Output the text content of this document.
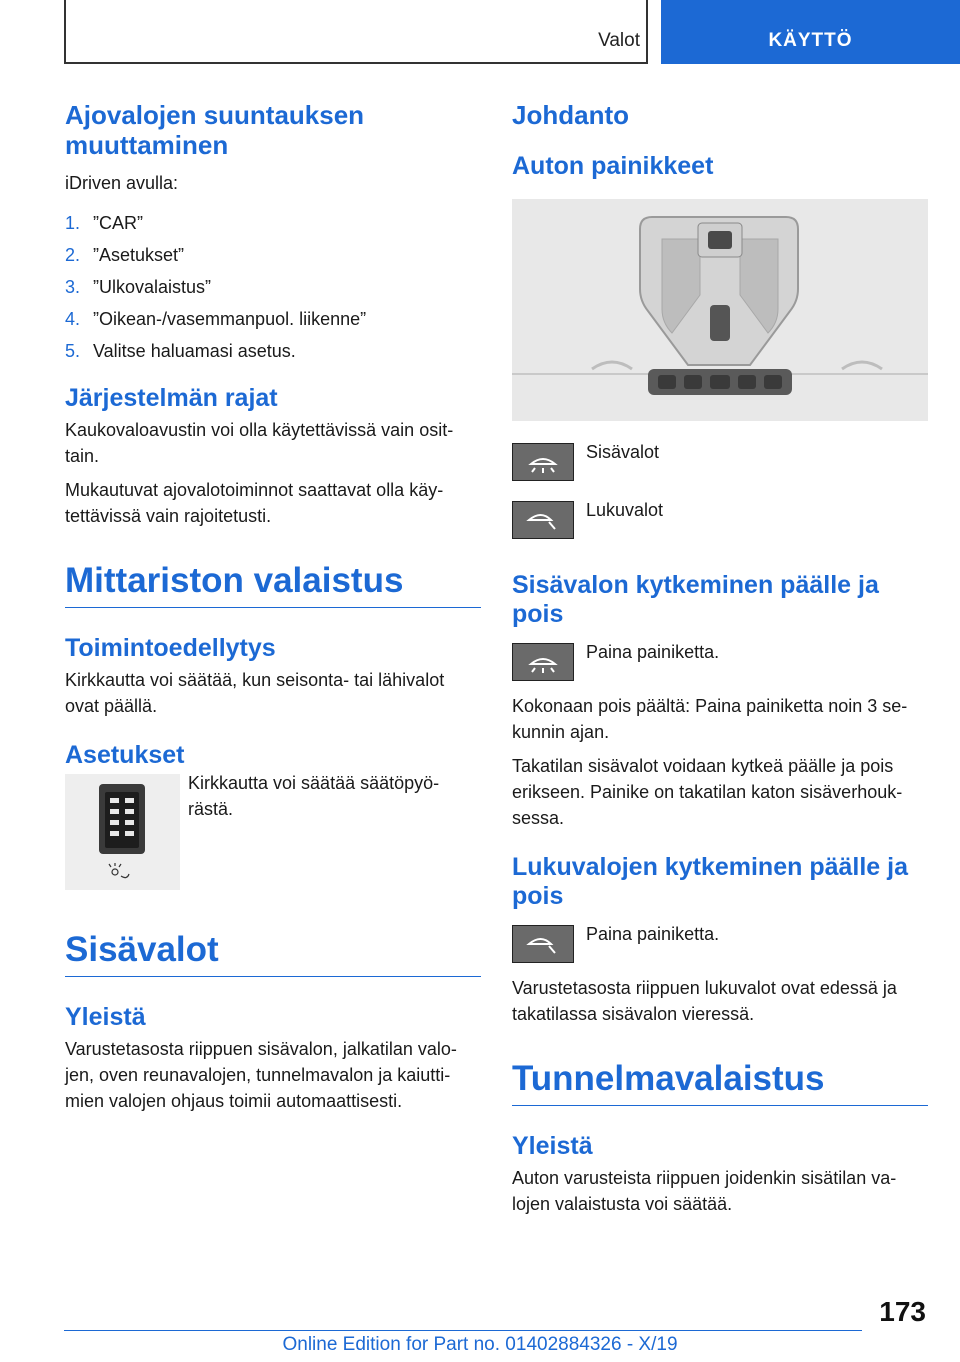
Valot	KÄYTTÖ
Ajovalojen suuntauksen muuttaminen

iDriven avulla:

1. ”CAR”
2. ”Asetukset”
3. ”Ulkovalaistus”
4. ”Oikean-/vasemmanpuol. liikenne”
5. Valitse haluamasi asetus.
Järjestelmän rajat

Kaukovaloavustin voi olla käytettävissä vain osit-tain.

Mukautuvat ajovalotoiminnot saattavat olla käy-tettävissä vain rajoitetusti.

Mittariston valaistus
Toimintoedellytys

Kirkkautta voi säätää, kun seisonta- tai lähivalot ovat päällä.

Asetukset

Kirkkautta voi säätää säätöpyö-rästä.

Sisävalot
Yleistä

Varustetasosta riippuen sisävalon, jalkatilan valo-jen, oven reunavalojen, tunnelmavalon ja kaiutti-mien valojen ohjaus toimii automaattisesti.

Johdanto
Auton painikkeet

Sisävalot

Lukuvalot

Sisävalon kytkeminen päälle ja pois

Paina painiketta.

Kokonaan pois päältä: Paina painiketta noin 3 se-kunnin ajan.

Takatilan sisävalot voidaan kytkeä päälle ja pois erikseen. Painike on takatilan katon sisäverhouk-sessa.

Lukuvalojen kytkeminen päälle ja pois

Paina painiketta.

Varustetasosta riippuen lukuvalot ovat edessä ja takatilassa sisävalon vieressä.

Tunnelmavalaistus
Yleistä

Auton varusteista riippuen joidenkin sisätilan va-lojen valaistusta voi säätää.

173
Online Edition for Part no. 01402884326 - X/19
